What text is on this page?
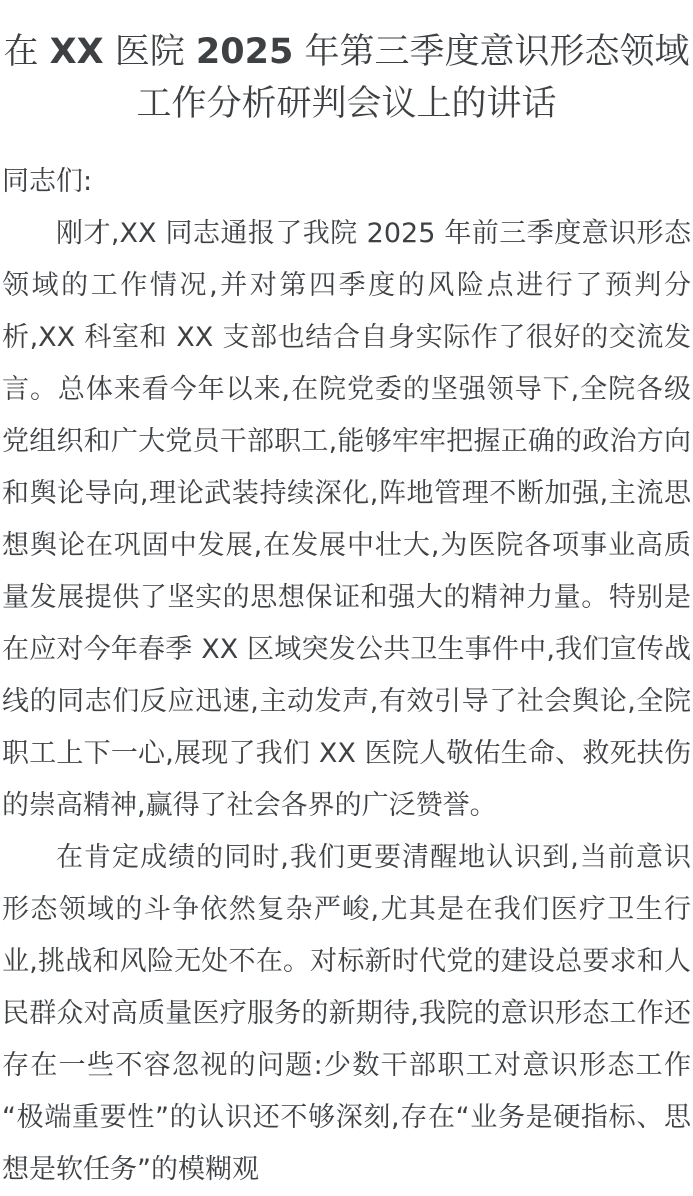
在 XX 医院 2025 年第三季度意识形态领域
工作分析研判会议上的讲话

同志们:

刚才,XX 同志通报了我院 2025 年前三季度意识形态领域的工作情况,并对第四季度的风险点进行了预判分析,XX 科室和 XX 支部也结合自身实际作了很好的交流发言。总体来看今年以来,在院党委的坚强领导下,全院各级党组织和广大党员干部职工,能够牢牢把握正确的政治方向和舆论导向,理论武装持续深化,阵地管理不断加强,主流思想舆论在巩固中发展,在发展中壮大,为医院各项事业高质量发展提供了坚实的思想保证和强大的精神力量。特别是在应对今年春季 XX 区域突发公共卫生事件中,我们宣传战线的同志们反应迅速,主动发声,有效引导了社会舆论,全院职工上下一心,展现了我们 XX 医院人敬佑生命、救死扶伤的崇高精神,赢得了社会各界的广泛赞誉。

在肯定成绩的同时,我们更要清醒地认识到,当前意识形态领域的斗争依然复杂严峻,尤其是在我们医疗卫生行业,挑战和风险无处不在。对标新时代党的建设总要求和人民群众对高质量医疗服务的新期待,我院的意识形态工作还存在一些不容忽视的问题:少数干部职工对意识形态工作“极端重要性”的认识还不够深刻,存在“业务是硬指标、思想是软任务”的模糊观
